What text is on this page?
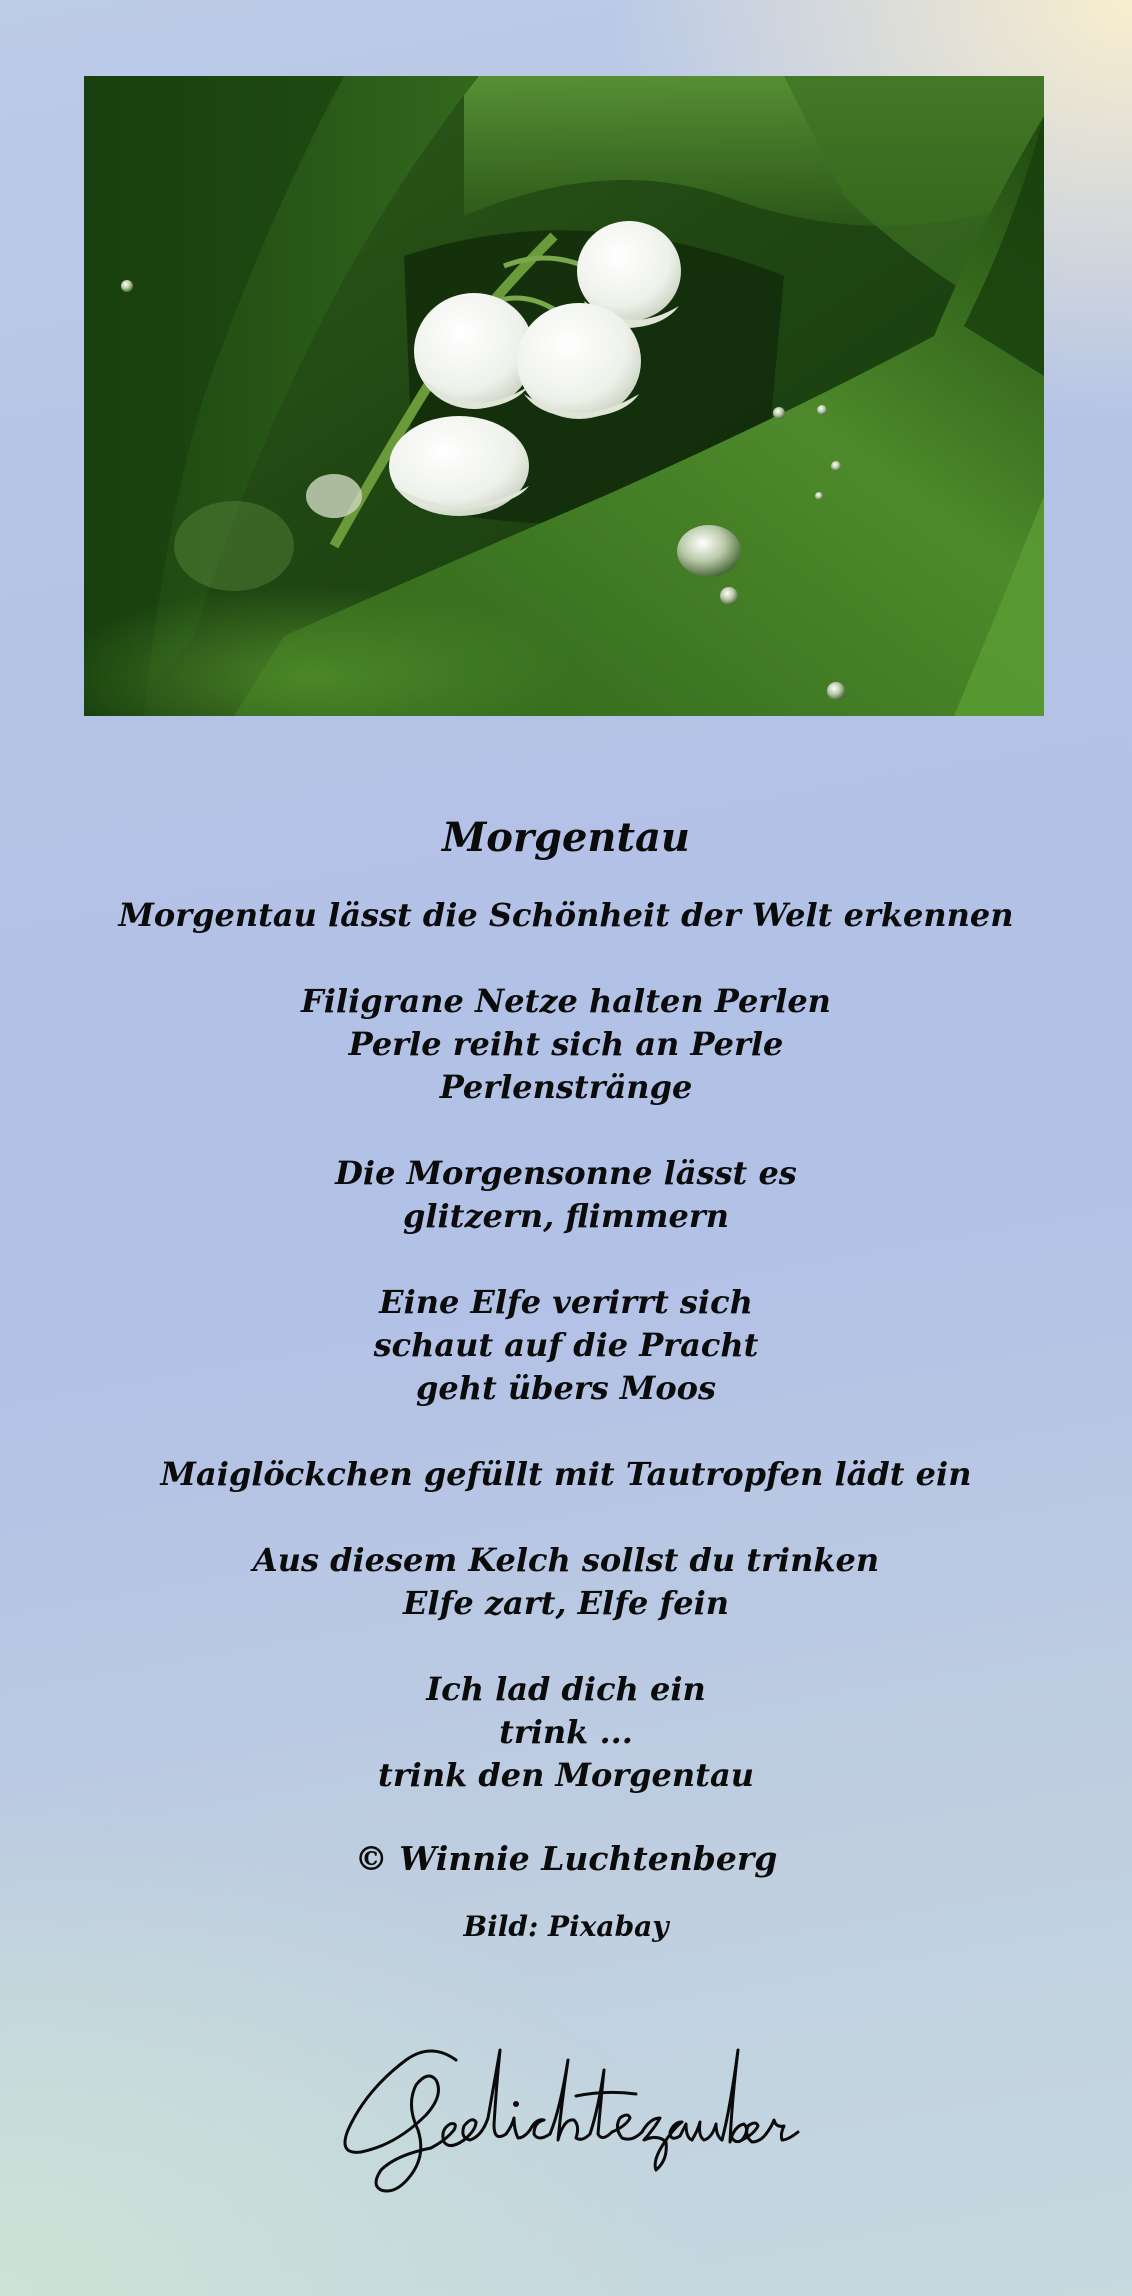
Morgentau
Morgentau lässt die Schönheit der Welt erkennen
Filigrane Netze halten Perlen
Perle reiht sich an Perle
Perlenstränge
Die Morgensonne lässt es
glitzern, flimmern
Eine Elfe verirrt sich
schaut auf die Pracht
geht übers Moos
Maiglöckchen gefüllt mit Tautropfen lädt ein
Aus diesem Kelch sollst du trinken
Elfe zart, Elfe fein
Ich lad dich ein
trink ...
trink den Morgentau
© Winnie Luchtenberg
Bild: Pixabay
